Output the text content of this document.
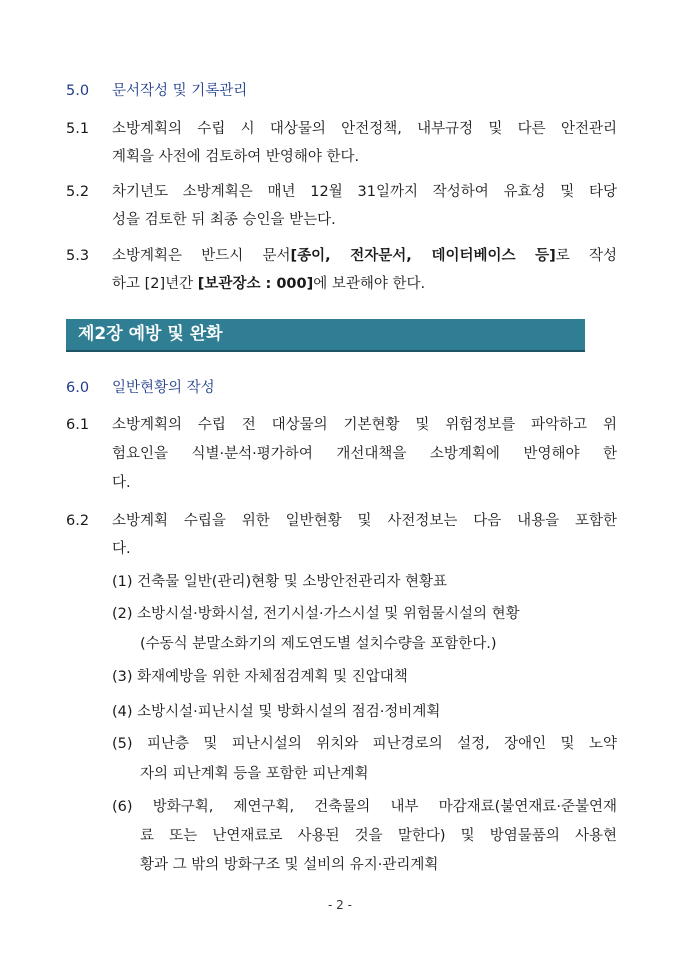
5.0 문서작성 및 기록관리
5.1 소방계획의 수립 시 대상물의 안전정책, 내부규정 및 다른 안전관리
계획을 사전에 검토하여 반영해야 한다.
5.2 차기년도 소방계획은 매년 12월 31일까지 작성하여 유효성 및 타당
성을 검토한 뒤 최종 승인을 받는다.
5.3 소방계획은 반드시 문서[종이, 전자문서, 데이터베이스 등]로 작성
하고 [2]년간 [보관장소 : 000]에 보관해야 한다.
제2장 예방 및 완화
6.0 일반현황의 작성
6.1 소방계획의 수립 전 대상물의 기본현황 및 위험정보를 파악하고 위
험요인을 식별·분석·평가하여 개선대책을 소방계획에 반영해야 한
다.
6.2 소방계획 수립을 위한 일반현황 및 사전정보는 다음 내용을 포함한
다.
(1) 건축물 일반(관리)현황 및 소방안전관리자 현황표
(2) 소방시설·방화시설, 전기시설·가스시설 및 위험물시설의 현황
(수동식 분말소화기의 제도연도별 설치수량을 포함한다.)
(3) 화재예방을 위한 자체점검계획 및 진압대책
(4) 소방시설·피난시설 및 방화시설의 점검·정비계획
(5) 피난층 및 피난시설의 위치와 피난경로의 설정, 장애인 및 노약
자의 피난계획 등을 포함한 피난계획
(6) 방화구획, 제연구획, 건축물의 내부 마감재료(불연재료·준불연재
료 또는 난연재료로 사용된 것을 말한다) 및 방염물품의 사용현
황과 그 밖의 방화구조 및 설비의 유지·관리계획
- 2 -
